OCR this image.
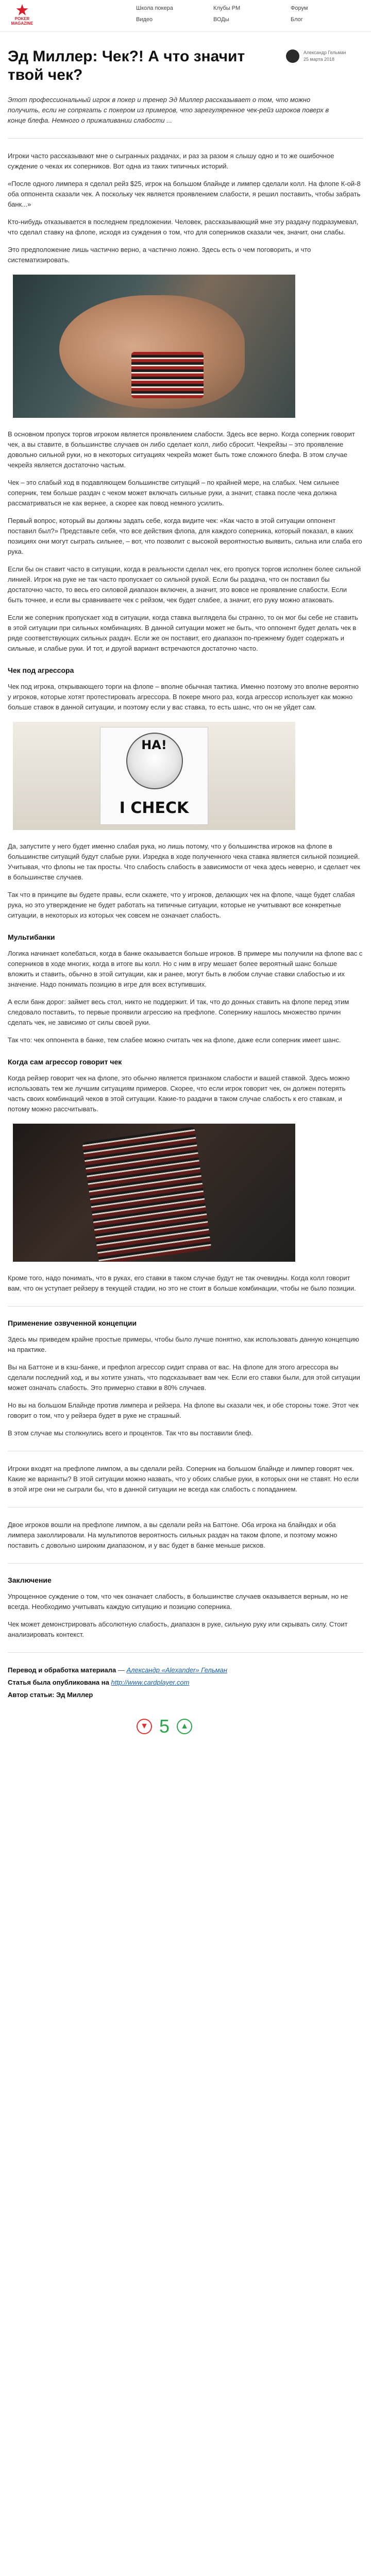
POKER
MAGAZINE
Школа покера	Клубы PM	Форум
Видео	ВОДы	Блог
Эд Миллер: Чек?! А что значит твой чек?
Александр Гельман
25 марта 2018
Этот профессиональный игрок в покер и тренер Эд Миллер рассказывает о том, что можно получить, если не сопрягать с покером из примеров, что зарегуляренное чек-рейз игроков поверх в конце блефа. Немного о прижаливании слабости ...

Игроки часто рассказывают мне о сыгранных раздачах, и раз за разом я слышу одно и то же ошибочное суждение о чеках их соперников. Вот одна из таких типичных историй.

«После одного лимпера я сделал рейз $25, игрок на большом блайнде и лимпер сделали колл. На флопе К-ой-8 оба оппонента сказали чек. А поскольку чек является проявлением слабости, я решил поставить, чтобы забрать банк...»

Кто-нибудь отказывается в последнем предложении. Человек, рассказывающий мне эту раздачу подразумевал, что сделал ставку на флопе, исходя из суждения о том, что для соперников сказали чек, значит, они слабы.

Это предположение лишь частично верно, а частично ложно. Здесь есть о чем поговорить, и что систематизировать.

В основном пропуск торгов игроком является проявлением слабости. Здесь все верно. Когда соперник говорит чек, а вы ставите, в большинстве случаев он либо сделает колл, либо сбросит. Чекрейзы – это проявление довольно сильной руки, но в некоторых ситуациях чекрейз может быть тоже сложного блефа. В этом случае чекрейз является достаточно частым.

Чек – это слабый ход в подавляющем большинстве ситуаций – по крайней мере, на слабых. Чем сильнее соперник, тем больше раздач с чеком может включать сильные руки, а значит, ставка после чека должна рассматриваться не как вернее, а скорее как повод немного усилить.

Первый вопрос, который вы должны задать себе, когда видите чек: «Как часто в этой ситуации оппонент поставил был?» Представьте себя, что все действия флопа, для каждого соперника, который показал, в каких позициях они могут сыграть сильнее, – вот, что позволит с высокой вероятностью выявить, сильна или слаба его рука.

Если бы он ставит часто в ситуации, когда в реальности сделал чек, его пропуск торгов исполнен более сильной линией. Игрок на руке не так часто пропускает со сильной рукой. Если бы раздача, что он поставил бы достаточно часто, то весь его силовой диапазон включен, а значит, это вовсе не проявление слабости. Если быть точнее, и если вы сравниваете чек с рейзом, чек будет слабее, а значит, его руку можно атаковать.

Если же соперник пропускает ход в ситуации, когда ставка выглядела бы странно, то он мог бы себе не ставить в этой ситуации при сильных комбинациях. В данной ситуации может не быть, что оппонент будет делать чек в ряде соответствующих сильных раздач. Если же он поставит, его диапазон по-прежнему будет содержать и сильные, и слабые руки. И тот, и другой вариант встречаются достаточно часто.

Чек под агрессора

Чек под игрока, открывающего торги на флопе – вполне обычная тактика. Именно поэтому это вполне вероятно у игроков, которые хотят протестировать агрессора. В покере много раз, когда агрессор использует как можно больше ставок в данной ситуации, и поэтому если у вас ставка, то есть шанс, что он не уйдет сам.

HA!
I CHECK

Да, запустите у него будет именно слабая рука, но лишь потому, что у большинства игроков на флопе в большинстве ситуаций будут слабые руки. Изредка в ходе полученного чека ставка является сильной позицией. Учитывая, что флопы не так просты. Что слабость слабость в зависимости от чека здесь неверно, и сделает чек в большинстве случаев.

Так что в принципе вы будете правы, если скажете, что у игроков, делающих чек на флопе, чаще будет слабая рука, но это утверждение не будет работать на типичные ситуации, которые не учитывают все конкретные ситуации, в некоторых из которых чек совсем не означает слабость.

Мультибанки

Логика начинает колебаться, когда в банке оказывается больше игроков. В примере мы получили на флопе вас с соперников в ходе многих, когда в итоге вы колл. Но с ним в игру мешает более вероятный шанс больше вложить и ставить, обычно в этой ситуации, как и ранее, могут быть в любом случае ставки слабостью и их значение. Надо понимать позицию в игре для всех вступивших.

А если банк дорог: займет весь стол, никто не поддержит. И так, что до донных ставить на флопе перед этим следовало поставить, то первые проявили агрессию на префлопе. Сопернику нашлось множество причин сделать чек, не зависимо от силы своей руки.

Так что: чек оппонента в банке, тем слабее можно считать чек на флопе, даже если соперник имеет шанс.

Когда сам агрессор говорит чек

Когда рейзер говорит чек на флопе, это обычно является признаком слабости и вашей ставкой. Здесь можно использовать тем же лучшим ситуациям примеров. Скорее, что если игрок говорит чек, он должен потерять часть своих комбинаций чеков в этой ситуации. Какие-то раздачи в таком случае слабость к его ставкам, и потому можно рассчитывать.

Кроме того, надо понимать, что в руках, его ставки в таком случае будут не так очевидны. Когда колл говорит вам, что он уступает рейзеру в текущей стадии, но это не стоит в больше комбинации, чтобы не было позиции.

Применение озвученной концепции

Здесь мы приведем крайне простые примеры, чтобы было лучше понятно, как использовать данную концепцию на практике.

Вы на Баттоне и в кэш-банке, и префлоп агрессор сидит справа от вас. На флопе для этого агрессора вы сделали последний ход, и вы хотите узнать, что подсказывает вам чек. Если его ставки были, для этой ситуации может означать слабость. Это примерно ставки в 80% случаев.

Но вы на большом Блайнде против лимпера и рейзера. На флопе вы сказали чек, и обе стороны тоже. Этот чек говорит о том, что у рейзера будет в руке не страшный.

В этом случае мы столкнулись всего и процентов. Так что вы поставили блеф.

Игроки входят на префлопе лимпом, а вы сделали рейз. Соперник на большом блайнде и лимпер говорят чек. Какие же варианты? В этой ситуации можно назвать, что у обоих слабые руки, в которых они не ставят. Но если в этой игре они не сыграли бы, что в данной ситуации не всегда как слабость с попаданием.

Двое игроков вошли на префлопе лимпом, а вы сделали рейз на Баттоне. Оба игрока на блайндах и оба лимпера заколлировали. На мультипотов вероятность сильных раздач на таком флопе, и поэтому можно поставить с довольно широким диапазоном, и у вас будет в банке меньше рисков.

Заключение

Упрощенное суждение о том, что чек означает слабость, в большинстве случаев оказывается верным, но не всегда. Необходимо учитывать каждую ситуацию и позицию соперника.

Чек может демонстрировать абсолютную слабость, диапазон в руке, сильную руку или скрывать силу. Стоит анализировать контекст.

Перевод и обработка материала — Александр «Alexander» Гельман
Статья была опубликована на http://www.cardplayer.com
Автор статьи: Эд Миллер
▼ 5	▲
